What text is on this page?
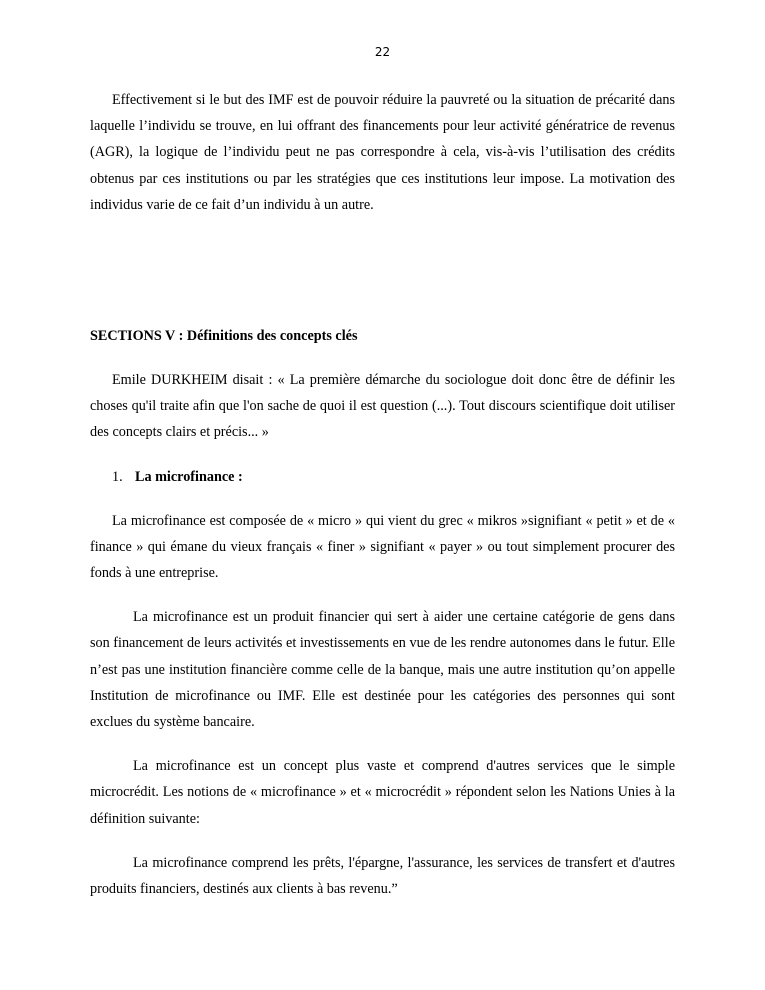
22

Effectivement si le but des IMF est de pouvoir réduire la pauvreté ou la situation de précarité dans laquelle l’individu se trouve, en lui offrant des financements pour leur activité génératrice de revenus (AGR), la logique de l’individu peut ne pas correspondre à cela, vis-à-vis l’utilisation des crédits obtenus par ces institutions ou par les stratégies que ces institutions leur impose. La motivation des individus varie de ce fait d’un individu à un autre.

SECTIONS V : Définitions des concepts clés

Emile DURKHEIM disait : « La première démarche du sociologue doit donc être de définir les choses qu'il traite afin que l'on sache de quoi il est question (...). Tout discours scientifique doit utiliser des concepts clairs et précis... »

1. La microfinance :

La microfinance est composée de « micro » qui vient du grec « mikros »signifiant « petit » et de « finance » qui émane du vieux français « finer » signifiant « payer » ou tout simplement procurer des fonds à une entreprise.

La microfinance est un produit financier qui sert à aider une certaine catégorie de gens dans son financement de leurs activités et investissements en vue de les rendre autonomes dans le futur. Elle n’est pas une institution financière comme celle de la banque, mais une autre institution qu’on appelle Institution de microfinance ou IMF. Elle est destinée pour les catégories des personnes qui sont exclues du système bancaire.

La microfinance est un concept plus vaste et comprend d'autres services que le simple microcrédit. Les notions de « microfinance » et « microcrédit » répondent selon les Nations Unies à la définition suivante:

La microfinance comprend les prêts, l'épargne, l'assurance, les services de transfert et d'autres produits financiers, destinés aux clients à bas revenu.”
